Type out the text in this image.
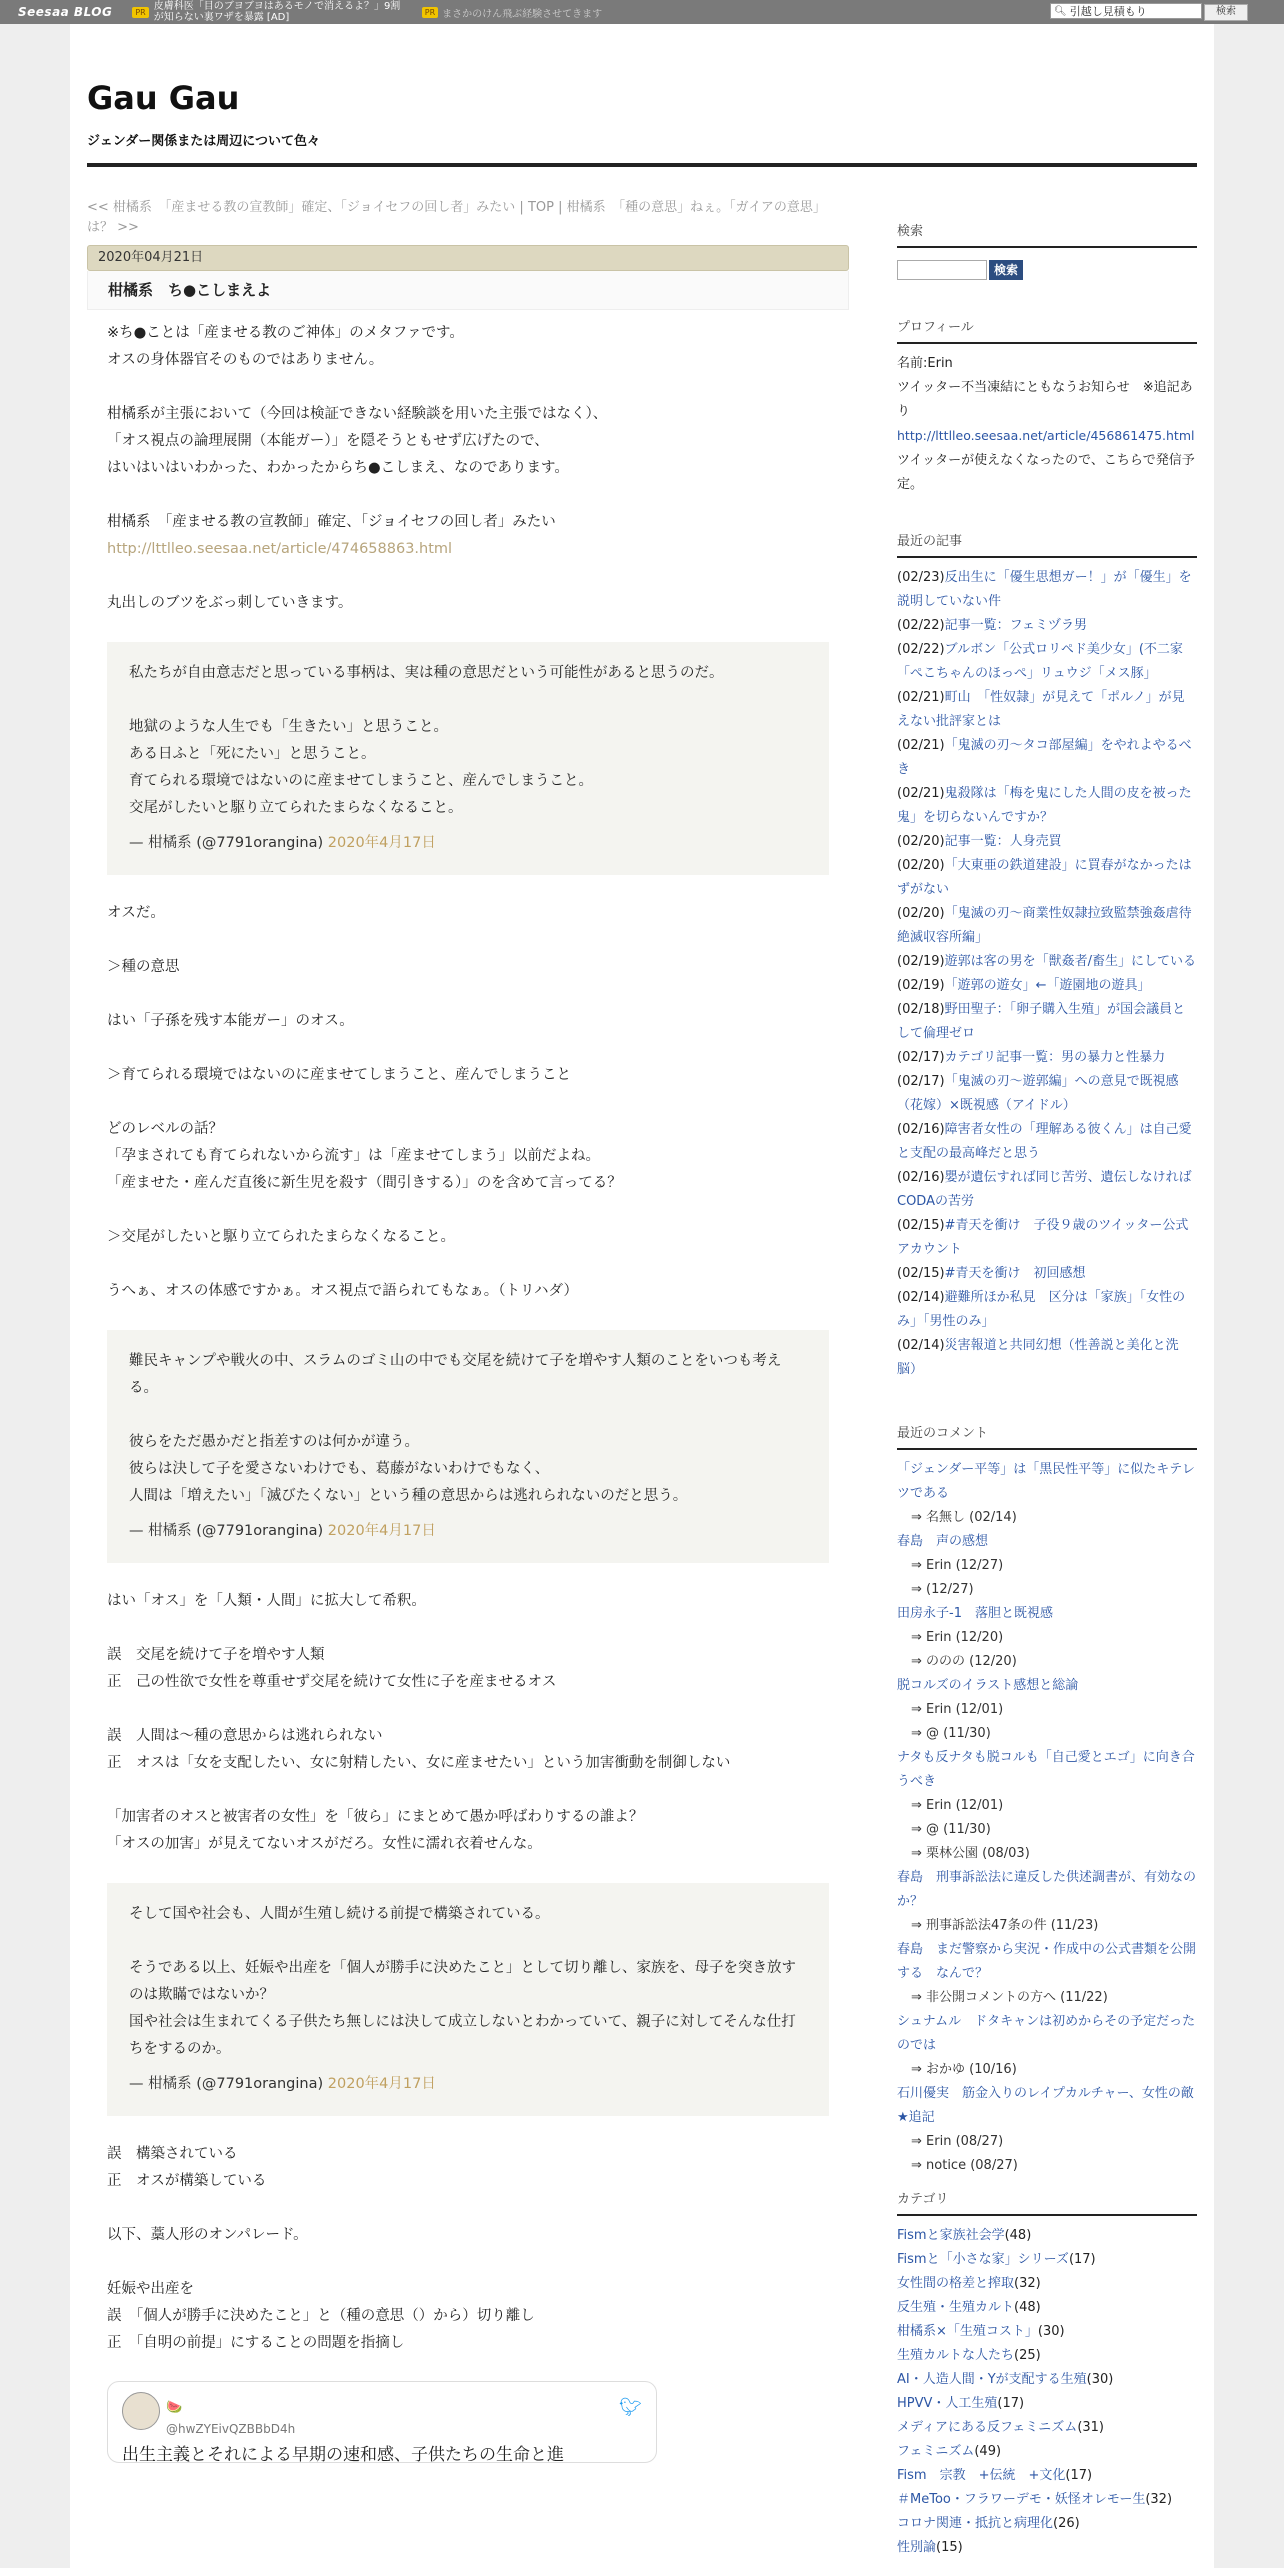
Seesaa BLOG	PR 皮膚科医「目のブヨブヨはあるモノで消えるよ？」9割が知らない裏ワザを暴露 [AD]	PR まさかのけん飛ぶ経験させてきます	🔍︎ 引越し見積もり	検索
Gau Gau
ジェンダー関係または周辺について色々
<< 柑橘系　「産ませる教の宣教師」確定、「ジョイセフの回し者」みたい | TOP | 柑橘系　「種の意思」ねぇ。「ガイアの意思」は？ >>
2020年04月21日
柑橘系　ち●こしまえよ

※ち●ことは「産ませる教のご神体」のメタファです。

オスの身体器官そのものではありません。

柑橘系が主張において（今回は検証できない経験談を用いた主張ではなく）、

「オス視点の論理展開（本能ガー）」を隠そうともせず広げたので、

はいはいはいわかった、わかったからち●こしまえ、なのであります。

柑橘系　「産ませる教の宣教師」確定、「ジョイセフの回し者」みたい

http://lttlleo.seesaa.net/article/474658863.html

丸出しのブツをぶっ刺していきます。

私たちが自由意志だと思っている事柄は、実は種の意思だという可能性があると思うのだ。

地獄のような人生でも「生きたい」と思うこと。

ある日ふと「死にたい」と思うこと。

育てられる環境ではないのに産ませてしまうこと、産んでしまうこと。

交尾がしたいと駆り立てられたまらなくなること。

— 柑橘系 (@7791orangina) 2020年4月17日

オスだ。

＞種の意思

はい「子孫を残す本能ガー」のオス。

＞育てられる環境ではないのに産ませてしまうこと、産んでしまうこと

どのレベルの話？

「孕まされても育てられないから流す」は「産ませてしまう」以前だよね。

「産ませた・産んだ直後に新生児を殺す（間引きする）」のを含めて言ってる？

＞交尾がしたいと駆り立てられたまらなくなること。

うへぁ、オスの体感ですかぁ。オス視点で語られてもなぁ。（トリハダ）

難民キャンプや戦火の中、スラムのゴミ山の中でも交尾を続けて子を増やす人類のことをいつも考える。

彼らをただ愚かだと指差すのは何かが違う。

彼らは決して子を愛さないわけでも、葛藤がないわけでもなく、

人間は「増えたい」「滅びたくない」という種の意思からは逃れられないのだと思う。

— 柑橘系 (@7791orangina) 2020年4月17日

はい「オス」を「人類・人間」に拡大して希釈。

誤　交尾を続けて子を増やす人類

正　己の性欲で女性を尊重せず交尾を続けて女性に子を産ませるオス

誤　人間は～種の意思からは逃れられない

正　オスは「女を支配したい、女に射精したい、女に産ませたい」という加害衝動を制御しない

「加害者のオスと被害者の女性」を「彼ら」にまとめて愚か呼ばわりするの誰よ？

「オスの加害」が見えてないオスがだろ。女性に濡れ衣着せんな。

そして国や社会も、人間が生殖し続ける前提で構築されている。

そうである以上、妊娠や出産を「個人が勝手に決めたこと」として切り離し、家族を、母子を突き放すのは欺瞞ではないか？

国や社会は生まれてくる子供たち無しには決して成立しないとわかっていて、親子に対してそんな仕打ちをするのか。

— 柑橘系 (@7791orangina) 2020年4月17日

誤　構築されている

正　オスが構築している

以下、藁人形のオンパレード。

妊娠や出産を

誤　「個人が勝手に決めたこと」と（種の意思（）から）切り離し

正　「自明の前提」にすることの問題を指摘し

🍉
@hwZYEivQZBBbD4h
🐦︎
出生主義とそれによる早期の速和感、子供たちの生命と進
検索
検索
プロフィール
名前:Erin
ツイッター不当凍結にともなうお知らせ　※追記あり
http://lttlleo.seesaa.net/article/456861475.html
ツイッターが使えなくなったので、こちらで発信予定。
最近の記事
(02/23)反出生に「優生思想ガー！」が「優生」を説明していない件
(02/22)記事一覧：フェミヅラ男
(02/22)ブルボン「公式ロリペド美少女」(不二家「ぺこちゃんのほっぺ」リュウジ「メス豚」
(02/21)町山　「性奴隷」が見えて「ポルノ」が見えない批評家とは
(02/21)「鬼滅の刃～タコ部屋編」をやれよやるべき
(02/21)鬼殺隊は「梅を鬼にした人間の皮を被った鬼」を切らないんですか？
(02/20)記事一覧：人身売買
(02/20)「大東亜の鉄道建設」に買春がなかったはずがない
(02/20)「鬼滅の刃～商業性奴隷拉致監禁強姦虐待絶滅収容所編」
(02/19)遊郭は客の男を「獣姦者/畜生」にしている
(02/19)「遊郭の遊女」←「遊園地の遊具」
(02/18)野田聖子：「卵子購入生殖」が国会議員として倫理ゼロ
(02/17)カテゴリ記事一覧：男の暴力と性暴力
(02/17)「鬼滅の刃～遊郭編」への意見で既視感（花嫁）×既視感（アイドル）
(02/16)障害者女性の「理解ある彼くん」は自己愛と支配の最高峰だと思う
(02/16)嬰が遺伝すれば同じ苦労、遺伝しなければCODAの苦労
(02/15)#青天を衝け　子役９歳のツイッター公式アカウント
(02/15)#青天を衝け　初回感想
(02/14)避難所ほか私見　区分は「家族」「女性のみ」「男性のみ」
(02/14)災害報道と共同幻想（性善説と美化と洗脳）
最近のコメント
「ジェンダー平等」は「黒民性平等」に似たキテレツである
⇒ 名無し (02/14)
春島　声の感想
⇒ Erin (12/27)
⇒ (12/27)
田房永子-1　落胆と既視感
⇒ Erin (12/20)
⇒ ののの (12/20)
脱コルズのイラスト感想と総論
⇒ Erin (12/01)
⇒ @ (11/30)
ナタも反ナタも脱コルも「自己愛とエゴ」に向き合うべき
⇒ Erin (12/01)
⇒ @ (11/30)
⇒ 栗林公園 (08/03)
春島　刑事訴訟法に違反した供述調書が、有効なのか？
⇒ 刑事訴訟法47条の件 (11/23)
春島　まだ警察から実況・作成中の公式書類を公開する　なんで？
⇒ 非公開コメントの方へ (11/22)
シュナムル　ドタキャンは初めからその予定だったのでは
⇒ おかゆ (10/16)
石川優実　筋金入りのレイプカルチャー、女性の敵　★追記
⇒ Erin (08/27)
⇒ notice (08/27)
カテゴリ
Fismと家族社会学(48)
Fismと「小さな家」シリーズ(17)
女性間の格差と搾取(32)
反生殖・生殖カルト(48)
柑橘系×「生殖コスト」(30)
生殖カルトな人たち(25)
AI・人造人間・Yが支配する生殖(30)
HPVV・人工生殖(17)
メディアにある反フェミニズム(31)
フェミニズム(49)
Fism　宗教　+伝統　+文化(17)
＃MeToo・フラワーデモ・妖怪オレモー生(32)
コロナ関連・抵抗と病理化(26)
性別論(15)
